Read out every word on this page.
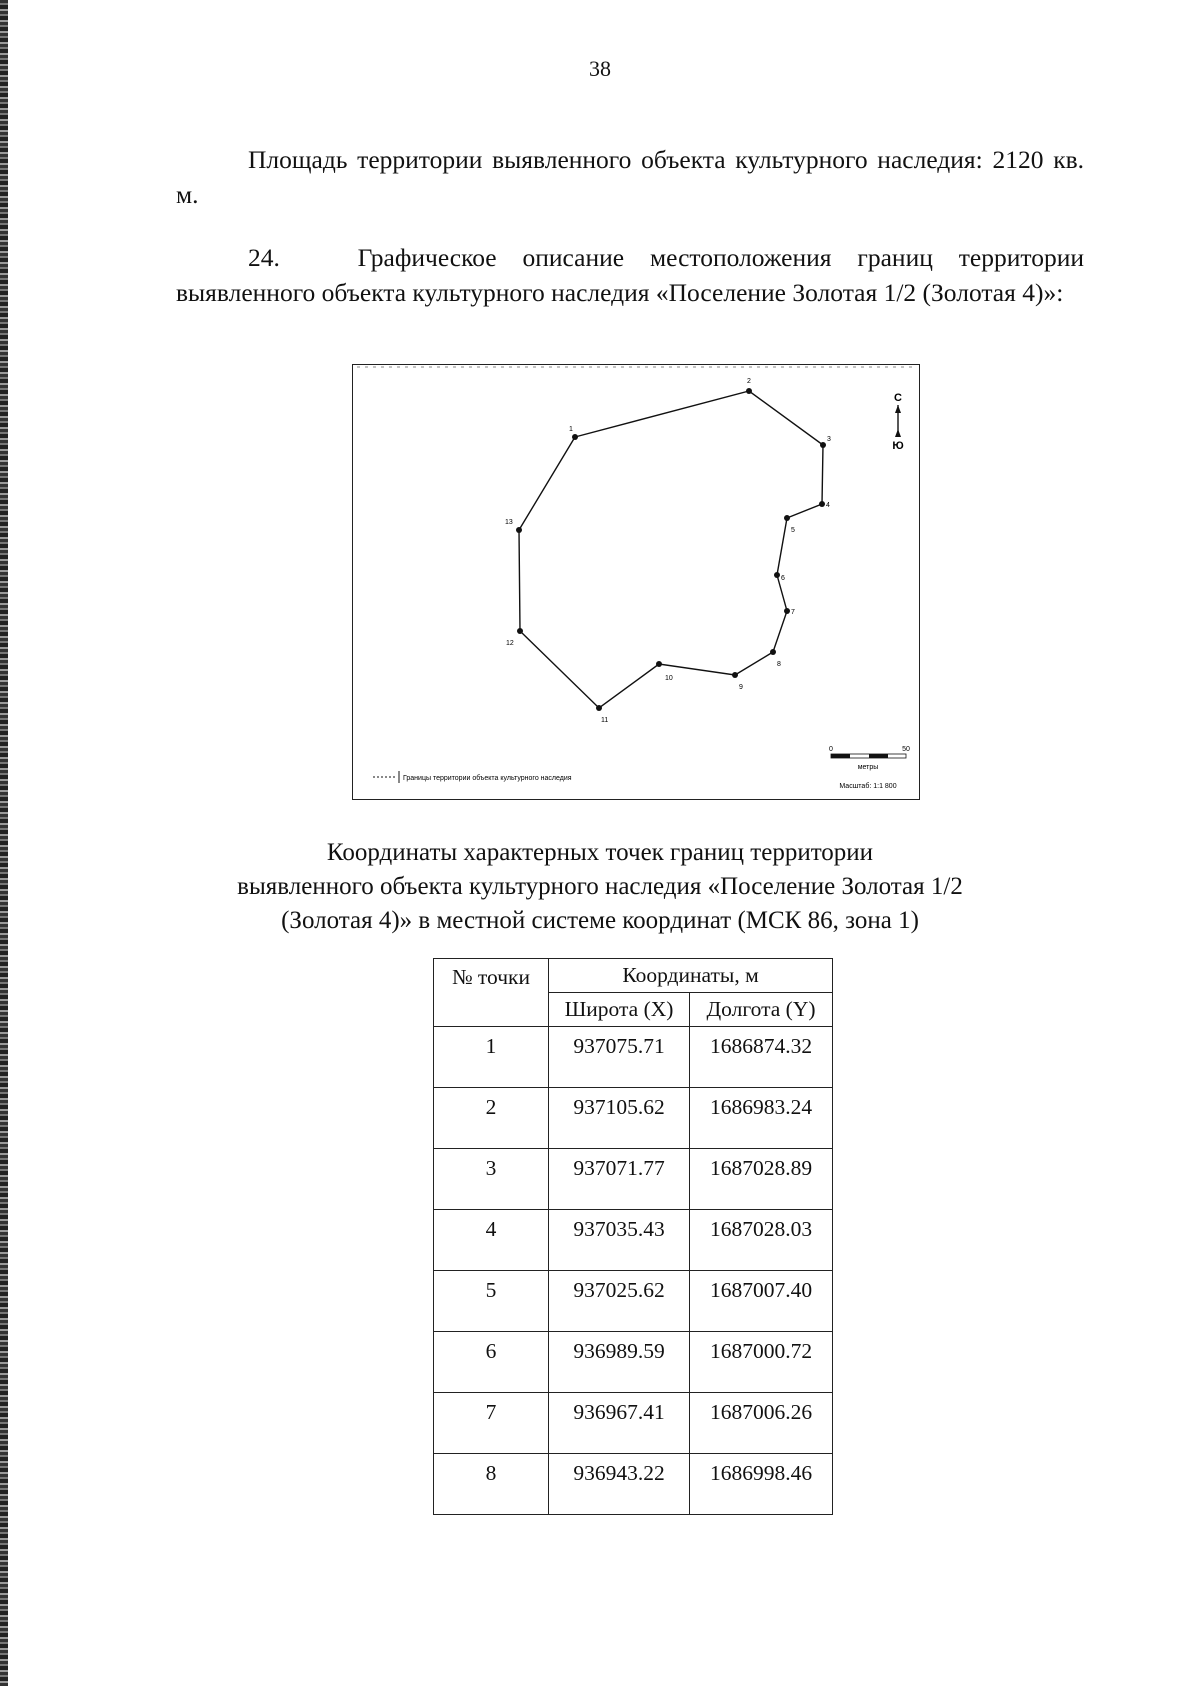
38

Площадь территории выявленного объекта культурного наследия: 2120 кв. м.

24.	Графическое описание местоположения границ территории выявленного объекта культурного наследия «Поселение Золотая 1/2 (Золотая 4)»:

С
Ю
1
2
3
4
5
6
7
8
9
10
11
12
13
Границы территории объекта культурного наследия
0	50
метры
Масштаб: 1:1 800
Координаты характерных точек границ территории
выявленного объекта культурного наследия «Поселение Золотая 1/2
(Золотая 4)» в местной системе координат (МСК 86, зона 1)
№ точки	Координаты, м	
	Широта (X)	Долгота (Y)
1	937075.71	1686874.32
2	937105.62	1686983.24
3	937071.77	1687028.89
4	937035.43	1687028.03
5	937025.62	1687007.40
6	936989.59	1687000.72
7	936967.41	1687006.26
8	936943.22	1686998.46
